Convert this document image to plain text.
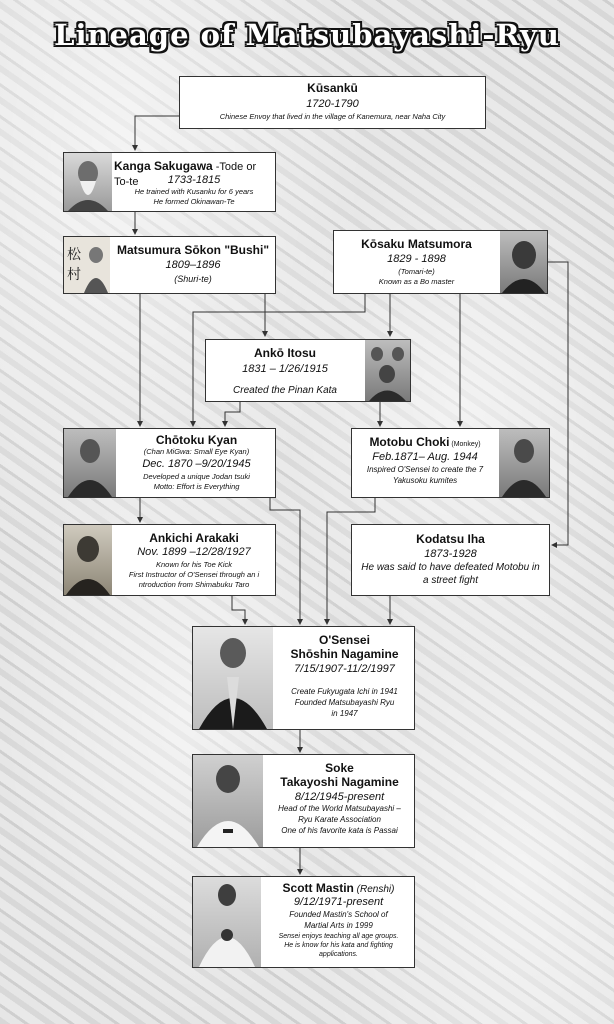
Lineage of Matsubayashi-Ryu
Kūsankū
1720-1790
Chinese Envoy that lived in the village of Kanemura, near Naha City
Kanga Sakugawa -Tode or To-te	1733-1815
He trained with Kusanku for 6 years
He formed Okinawan-Te
松
村
Matsumura Sōkon "Bushi"
1809–1896
(Shuri-te)
Kōsaku Matsumora
1829 - 1898
(Tomari-te)
Known as a Bo master
Ankō Itosu
1831 – 1/26/1915
Created the Pinan Kata
Chōtoku Kyan
(Chan MiGwa: Small Eye Kyan)
Dec. 1870 –9/20/1945
Developed a unique Jodan tsuki
Motto: Effort is Everything
Motobu Choki (Monkey)
Feb.1871– Aug. 1944
Inspired O'Sensei to create the 7
Yakusoku kumites
Ankichi Arakaki
Nov. 1899 –12/28/1927
Known for his Toe Kick
First Instructor of O'Sensei through an i
ntroduction from Shimabuku Taro
Kodatsu Iha
1873-1928
He was said to have defeated Motobu in
a street fight
O'Sensei
Shōshin Nagamine
7/15/1907-11/2/1997
Create Fukyugata Ichi in 1941
Founded Matsubayashi Ryu
in 1947
Soke
Takayoshi Nagamine
8/12/1945-present
Head of the World Matsubayashi –
Ryu Karate Association
One of his favorite kata is Passai
Scott Mastin (Renshi)
9/12/1971-present
Founded Mastin's School of
Martial Arts in 1999
Sensei enjoys teaching all age groups.
He is know for his kata and fighting
applications.
